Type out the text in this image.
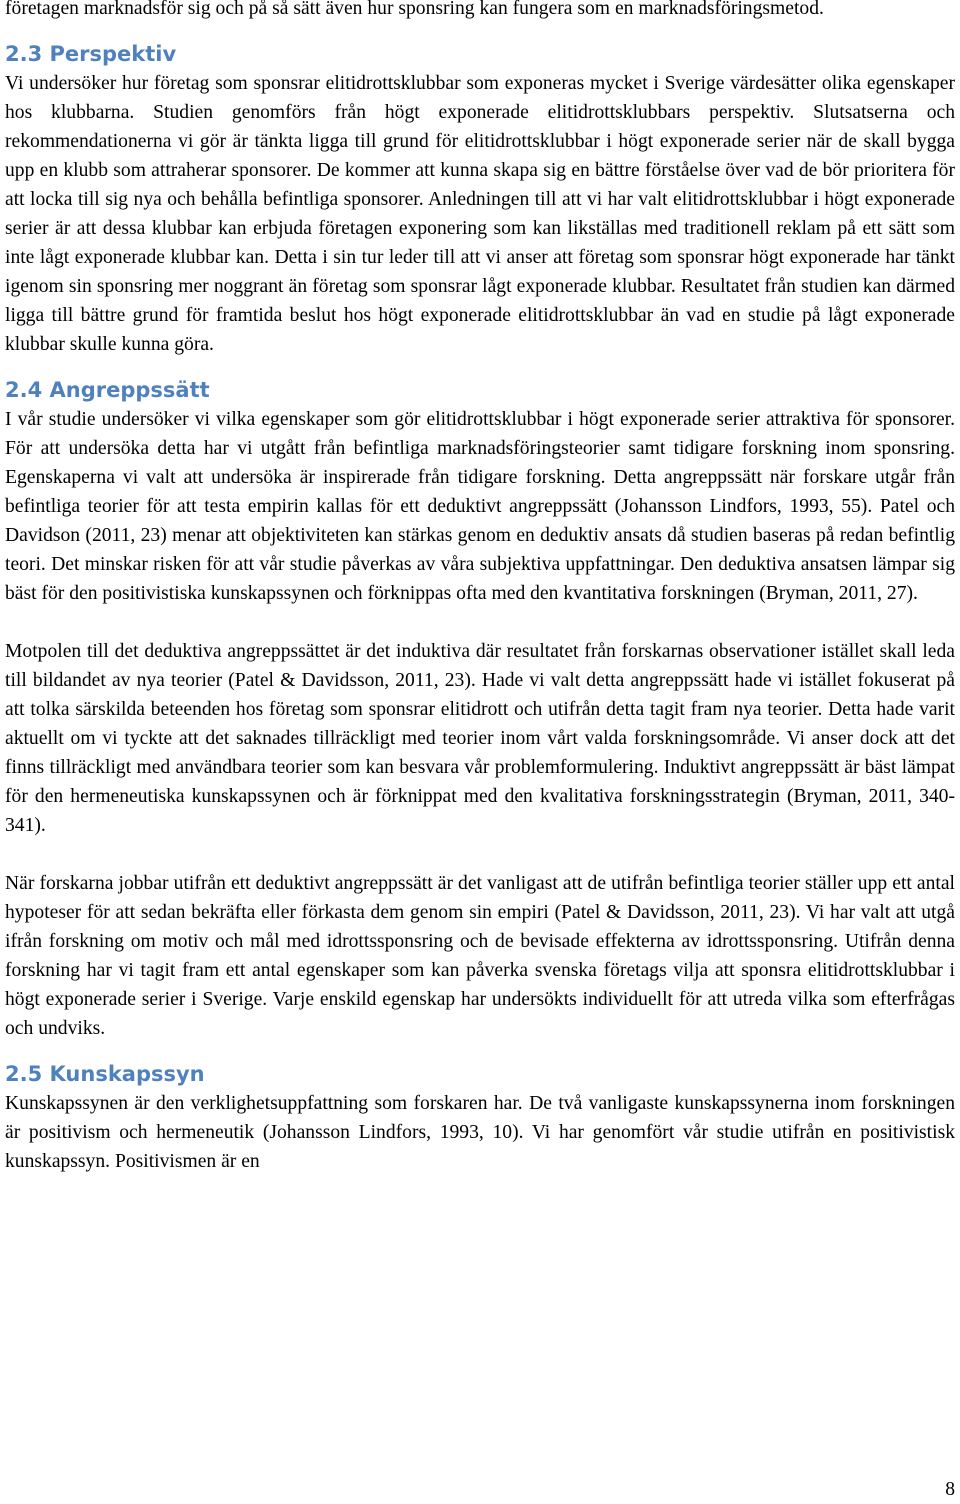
företagen marknadsför sig och på så sätt även hur sponsring kan fungera som en marknadsföringsmetod.

2.3 Perspektiv

Vi undersöker hur företag som sponsrar elitidrottsklubbar som exponeras mycket i Sverige värdesätter olika egenskaper hos klubbarna. Studien genomförs från högt exponerade elitidrottsklubbars perspektiv. Slutsatserna och rekommendationerna vi gör är tänkta ligga till grund för elitidrottsklubbar i högt exponerade serier när de skall bygga upp en klubb som attraherar sponsorer. De kommer att kunna skapa sig en bättre förståelse över vad de bör prioritera för att locka till sig nya och behålla befintliga sponsorer. Anledningen till att vi har valt elitidrottsklubbar i högt exponerade serier är att dessa klubbar kan erbjuda företagen exponering som kan likställas med traditionell reklam på ett sätt som inte lågt exponerade klubbar kan. Detta i sin tur leder till att vi anser att företag som sponsrar högt exponerade har tänkt igenom sin sponsring mer noggrant än företag som sponsrar lågt exponerade klubbar. Resultatet från studien kan därmed ligga till bättre grund för framtida beslut hos högt exponerade elitidrottsklubbar än vad en studie på lågt exponerade klubbar skulle kunna göra.

2.4 Angreppssätt

I vår studie undersöker vi vilka egenskaper som gör elitidrottsklubbar i högt exponerade serier attraktiva för sponsorer. För att undersöka detta har vi utgått från befintliga marknadsföringsteorier samt tidigare forskning inom sponsring. Egenskaperna vi valt att undersöka är inspirerade från tidigare forskning. Detta angreppssätt när forskare utgår från befintliga teorier för att testa empirin kallas för ett deduktivt angreppssätt (Johansson Lindfors, 1993, 55). Patel och Davidson (2011, 23) menar att objektiviteten kan stärkas genom en deduktiv ansats då studien baseras på redan befintlig teori. Det minskar risken för att vår studie påverkas av våra subjektiva uppfattningar. Den deduktiva ansatsen lämpar sig bäst för den positivistiska kunskapssynen och förknippas ofta med den kvantitativa forskningen (Bryman, 2011, 27).

Motpolen till det deduktiva angreppssättet är det induktiva där resultatet från forskarnas observationer istället skall leda till bildandet av nya teorier (Patel & Davidsson, 2011, 23). Hade vi valt detta angreppssätt hade vi istället fokuserat på att tolka särskilda beteenden hos företag som sponsrar elitidrott och utifrån detta tagit fram nya teorier. Detta hade varit aktuellt om vi tyckte att det saknades tillräckligt med teorier inom vårt valda forskningsområde. Vi anser dock att det finns tillräckligt med användbara teorier som kan besvara vår problemformulering. Induktivt angreppssätt är bäst lämpat för den hermeneutiska kunskapssynen och är förknippat med den kvalitativa forskningsstrategin (Bryman, 2011, 340-341).

När forskarna jobbar utifrån ett deduktivt angreppssätt är det vanligast att de utifrån befintliga teorier ställer upp ett antal hypoteser för att sedan bekräfta eller förkasta dem genom sin empiri (Patel & Davidsson, 2011, 23). Vi har valt att utgå ifrån forskning om motiv och mål med idrottssponsring och de bevisade effekterna av idrottssponsring. Utifrån denna forskning har vi tagit fram ett antal egenskaper som kan påverka svenska företags vilja att sponsra elitidrottsklubbar i högt exponerade serier i Sverige. Varje enskild egenskap har undersökts individuellt för att utreda vilka som efterfrågas och undviks.

2.5 Kunskapssyn

Kunskapssynen är den verklighetsuppfattning som forskaren har. De två vanligaste kunskapssynerna inom forskningen är positivism och hermeneutik (Johansson Lindfors, 1993, 10). Vi har genomfört vår studie utifrån en positivistisk kunskapssyn. Positivismen är en

8
